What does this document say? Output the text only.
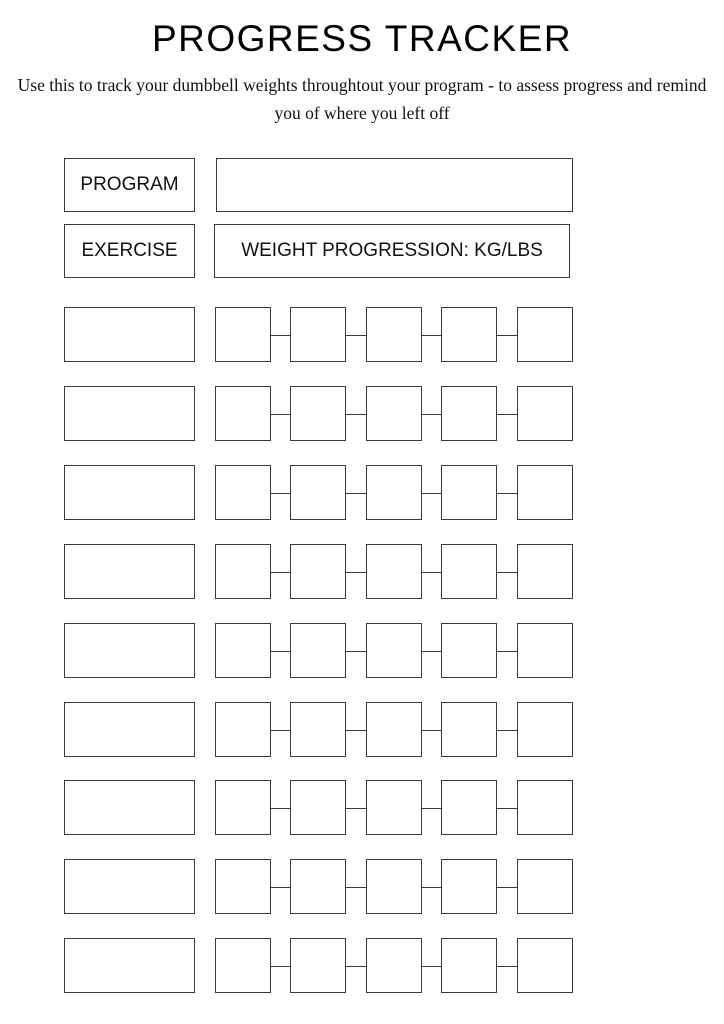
PROGRESS TRACKER

Use this to track your dumbbell weights throughtout your program - to assess progress and remind you of where you left off

PROGRAM
EXERCISE	WEIGHT PROGRESSION: KG/LBS
